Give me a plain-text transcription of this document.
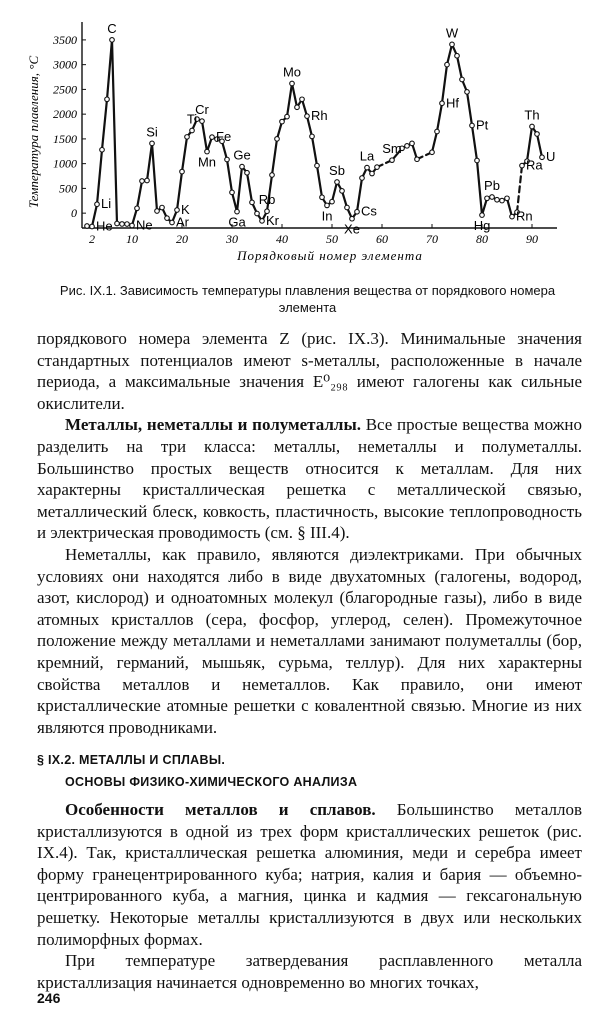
0
500
1000
1500
2000
2500
3000
3500
2	10	20	30	40	50	60	70	80	90
C
He
Li
Ne
Si
Ar
K
Ti
Cr
Fe
Mn Ge
Ga
Rb
Kr
Mo
Rh
Sb
In
Xe
La
Cs
Sm
W
Hf
Pt
Pb
Hg
Rn
Th
Ra
U
Температура плавления, °C
Порядковый номер элемента
Рис. IX.1. Зависимость температуры плавления вещества от порядкового номера элемента

порядкового номера элемента Z (рис. IX.3). Минимальные значения стандартных потенциалов имеют s-металлы, расположенные в начале периода, а максимальные значения E⁰₂₉₈ имеют галогены как сильные окислители.

Металлы, неметаллы и полуметаллы. Все простые вещества можно разделить на три класса: металлы, неметаллы и полуметаллы. Большинство простых веществ относится к металлам. Для них характерны кристаллическая решетка с металлической связью, металлический блеск, ковкость, пластичность, высокие теплопроводность и электрическая проводимость (см. § III.4).

Неметаллы, как правило, являются диэлектриками. При обычных условиях они находятся либо в виде двухатомных (галогены, водород, азот, кислород) и одноатомных молекул (благородные газы), либо в виде атомных кристаллов (сера, фосфор, углерод, селен). Промежуточное положение между металлами и неметаллами занимают полуметаллы (бор, кремний, германий, мышьяк, сурьма, теллур). Для них характерны свойства металлов и неметаллов. Как правило, они имеют кристаллические атомные решетки с ковалентной связью. Многие из них являются проводниками.

§ IX.2. МЕТАЛЛЫ И СПЛАВЫ.
ОСНОВЫ ФИЗИКО-ХИМИЧЕСКОГО АНАЛИЗА

Особенности металлов и сплавов. Большинство металлов кристаллизуются в одной из трех форм кристаллических решеток (рис. IX.4). Так, кристаллическая решетка алюминия, меди и серебра имеет форму гранецентрированного куба; натрия, калия и бария — объемно-центрированного куба, а магния, цинка и кадмия — гексагональную решетку. Некоторые металлы кристаллизуются в двух или нескольких полиморфных формах.

При температуре затвердевания расплавленного металла кристаллизация начинается одновременно во многих точках,

246
